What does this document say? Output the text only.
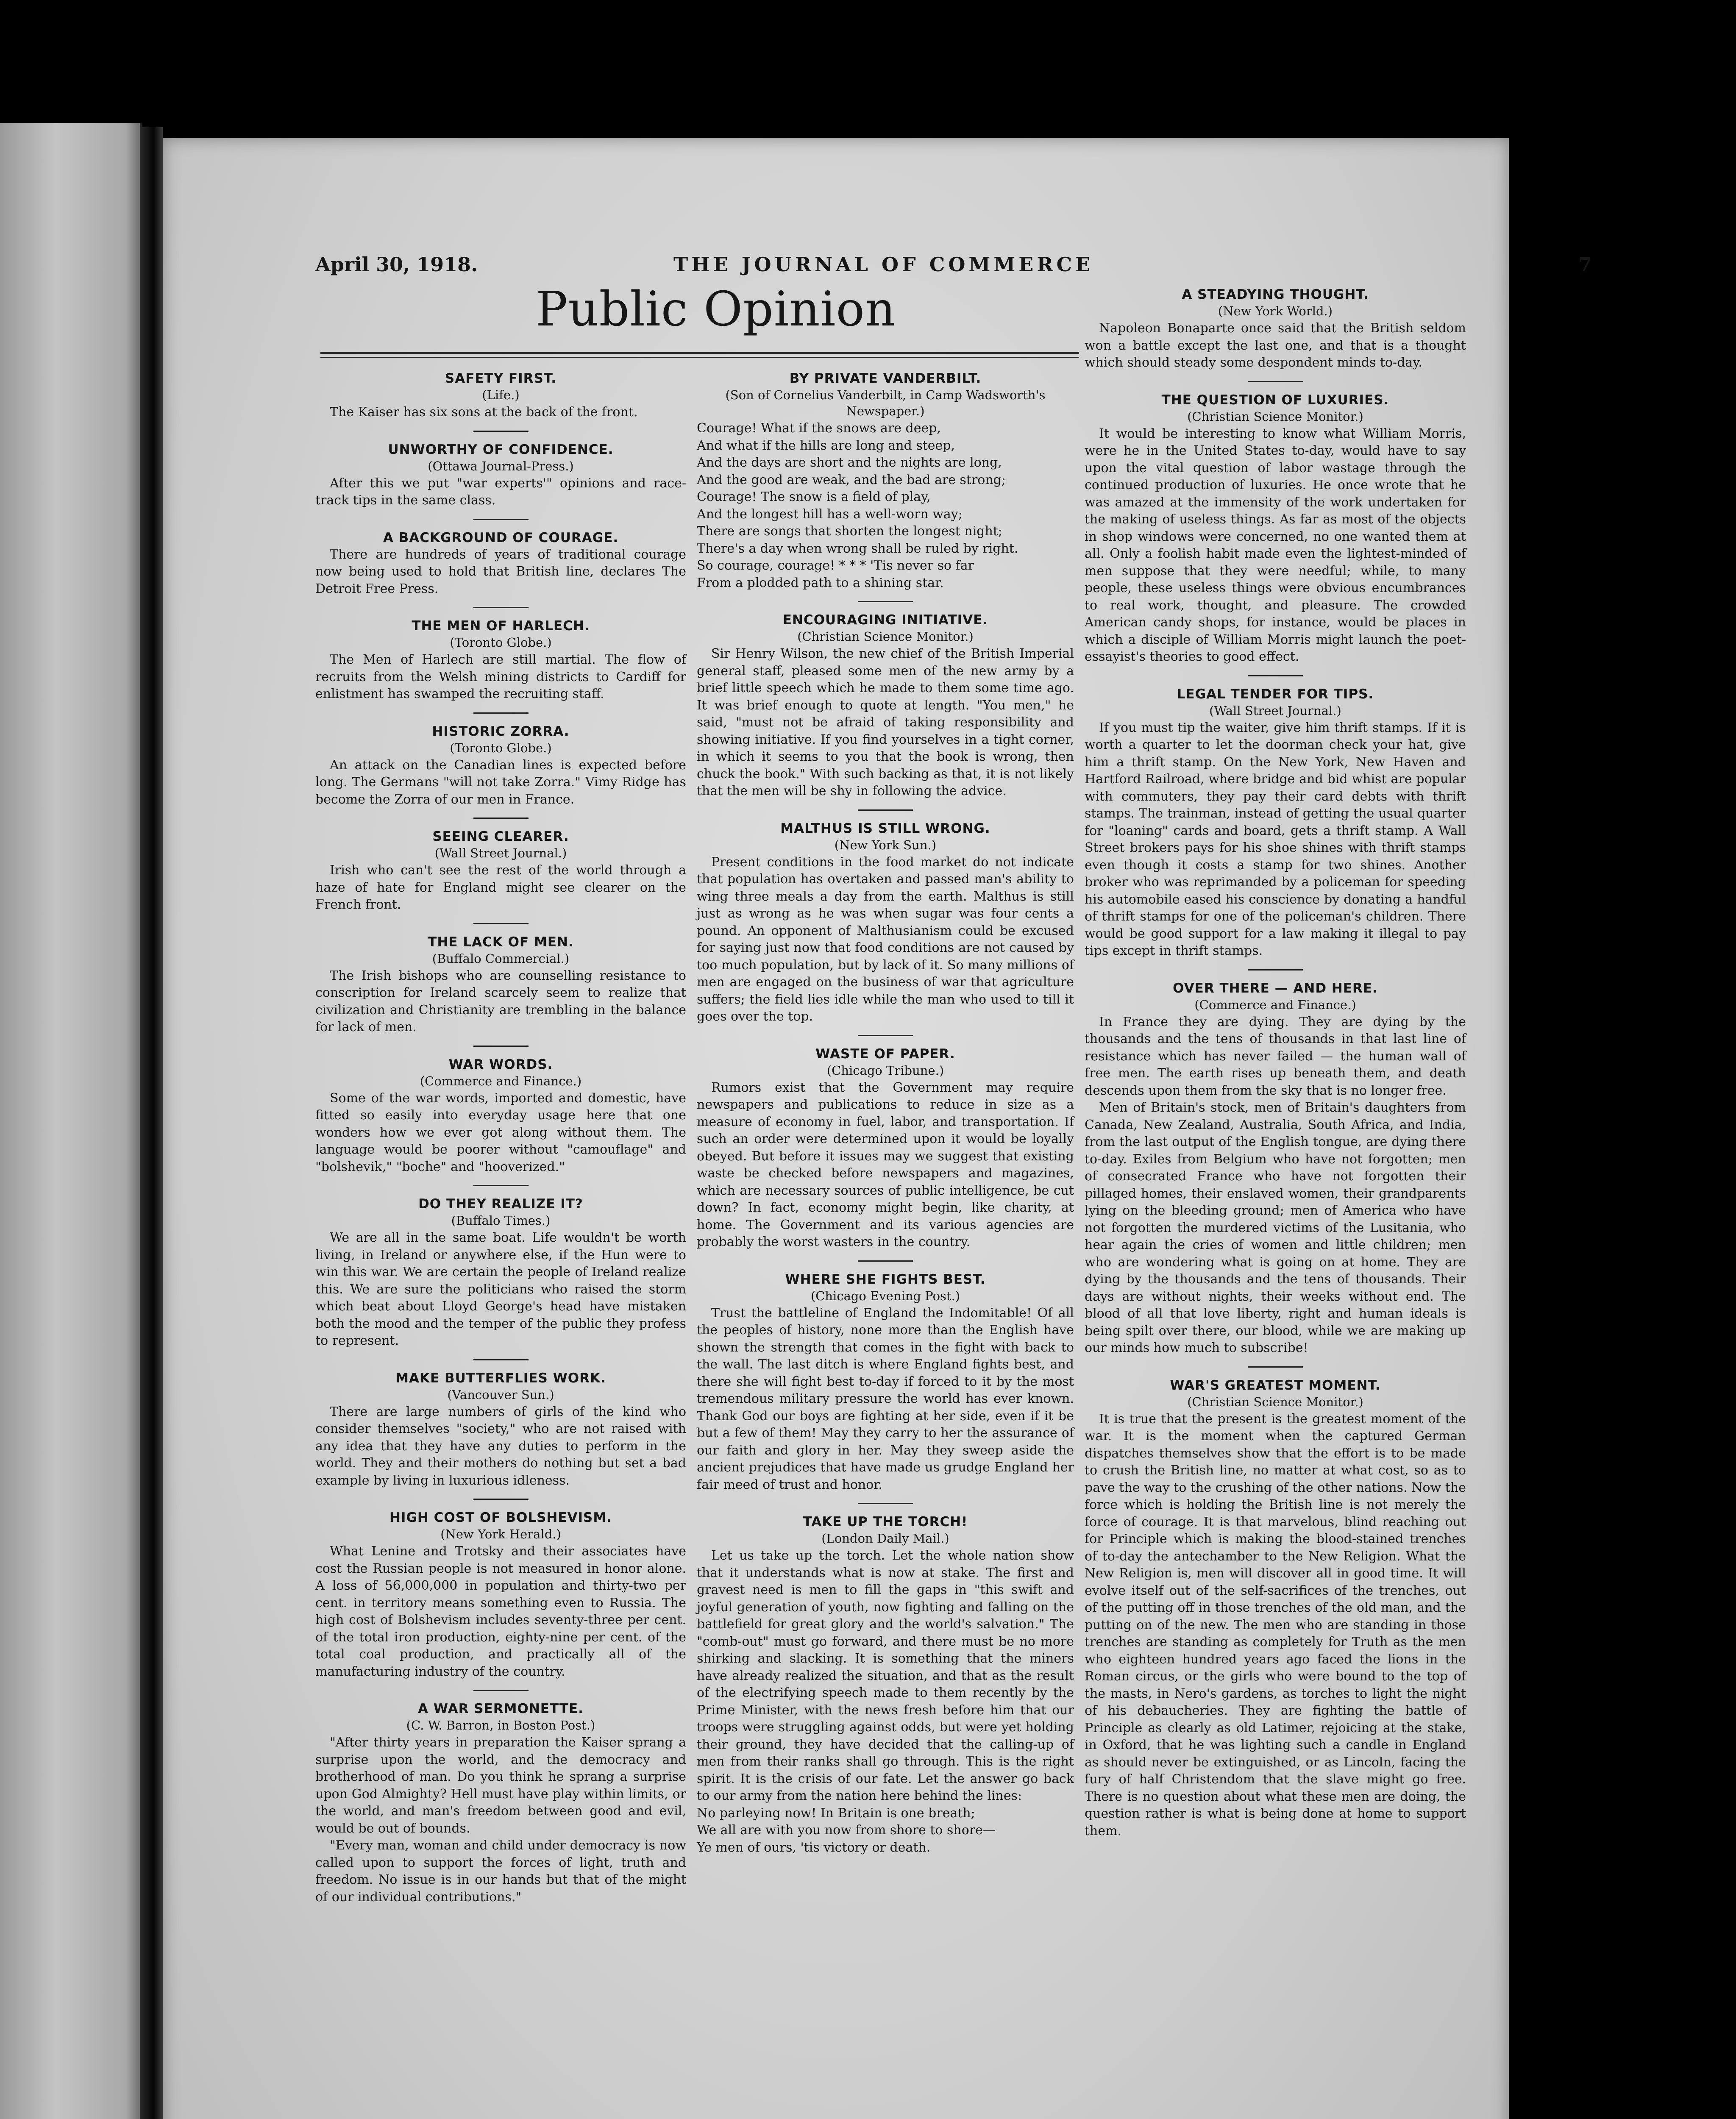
April 30, 1918.	THE JOURNAL OF COMMERCE	7
Public Opinion
SAFETY FIRST.
(Life.)

The Kaiser has six sons at the back of the front.

UNWORTHY OF CONFIDENCE.
(Ottawa Journal-Press.)

After this we put "war experts'" opinions and race-track tips in the same class.

A BACKGROUND OF COURAGE.

There are hundreds of years of traditional courage now being used to hold that British line, declares The Detroit Free Press.

THE MEN OF HARLECH.
(Toronto Globe.)

The Men of Harlech are still martial. The flow of recruits from the Welsh mining districts to Cardiff for enlistment has swamped the recruiting staff.

HISTORIC ZORRA.
(Toronto Globe.)

An attack on the Canadian lines is expected before long. The Germans "will not take Zorra." Vimy Ridge has become the Zorra of our men in France.

SEEING CLEARER.
(Wall Street Journal.)

Irish who can't see the rest of the world through a haze of hate for England might see clearer on the French front.

THE LACK OF MEN.
(Buffalo Commercial.)

The Irish bishops who are counselling resistance to conscription for Ireland scarcely seem to realize that civilization and Christianity are trembling in the balance for lack of men.

WAR WORDS.
(Commerce and Finance.)

Some of the war words, imported and domestic, have fitted so easily into everyday usage here that one wonders how we ever got along without them. The language would be poorer without "camouflage" and "bolshevik," "boche" and "hooverized."

DO THEY REALIZE IT?
(Buffalo Times.)

We are all in the same boat. Life wouldn't be worth living, in Ireland or anywhere else, if the Hun were to win this war. We are certain the people of Ireland realize this. We are sure the politicians who raised the storm which beat about Lloyd George's head have mistaken both the mood and the temper of the public they profess to represent.

MAKE BUTTERFLIES WORK.
(Vancouver Sun.)

There are large numbers of girls of the kind who consider themselves "society," who are not raised with any idea that they have any duties to perform in the world. They and their mothers do nothing but set a bad example by living in luxurious idleness.

HIGH COST OF BOLSHEVISM.
(New York Herald.)

What Lenine and Trotsky and their associates have cost the Russian people is not measured in honor alone. A loss of 56,000,000 in population and thirty-two per cent. in territory means something even to Russia. The high cost of Bolshevism includes seventy-three per cent. of the total iron production, eighty-nine per cent. of the total coal production, and practically all of the manufacturing industry of the country.

A WAR SERMONETTE.
(C. W. Barron, in Boston Post.)

"After thirty years in preparation the Kaiser sprang a surprise upon the world, and the democracy and brotherhood of man. Do you think he sprang a surprise upon God Almighty? Hell must have play within limits, or the world, and man's freedom between good and evil, would be out of bounds.

"Every man, woman and child under democracy is now called upon to support the forces of light, truth and freedom. No issue is in our hands but that of the might of our individual contributions."

BY PRIVATE VANDERBILT.
(Son of Cornelius Vanderbilt, in Camp Wadsworth's Newspaper.)
Courage! What if the snows are deep,
And what if the hills are long and steep,
And the days are short and the nights are long,
And the good are weak, and the bad are strong;
Courage! The snow is a field of play,
And the longest hill has a well-worn way;
There are songs that shorten the longest night;
There's a day when wrong shall be ruled by right.
So courage, courage! * * * 'Tis never so far
From a plodded path to a shining star.
ENCOURAGING INITIATIVE.
(Christian Science Monitor.)

Sir Henry Wilson, the new chief of the British Imperial general staff, pleased some men of the new army by a brief little speech which he made to them some time ago. It was brief enough to quote at length. "You men," he said, "must not be afraid of taking responsibility and showing initiative. If you find yourselves in a tight corner, in which it seems to you that the book is wrong, then chuck the book." With such backing as that, it is not likely that the men will be shy in following the advice.

MALTHUS IS STILL WRONG.
(New York Sun.)

Present conditions in the food market do not indicate that population has overtaken and passed man's ability to wing three meals a day from the earth. Malthus is still just as wrong as he was when sugar was four cents a pound. An opponent of Malthusianism could be excused for saying just now that food conditions are not caused by too much population, but by lack of it. So many millions of men are engaged on the business of war that agriculture suffers; the field lies idle while the man who used to till it goes over the top.

WASTE OF PAPER.
(Chicago Tribune.)

Rumors exist that the Government may require newspapers and publications to reduce in size as a measure of economy in fuel, labor, and transportation. If such an order were determined upon it would be loyally obeyed. But before it issues may we suggest that existing waste be checked before newspapers and magazines, which are necessary sources of public intelligence, be cut down? In fact, economy might begin, like charity, at home. The Government and its various agencies are probably the worst wasters in the country.

WHERE SHE FIGHTS BEST.
(Chicago Evening Post.)

Trust the battleline of England the Indomitable! Of all the peoples of history, none more than the English have shown the strength that comes in the fight with back to the wall. The last ditch is where England fights best, and there she will fight best to-day if forced to it by the most tremendous military pressure the world has ever known. Thank God our boys are fighting at her side, even if it be but a few of them! May they carry to her the assurance of our faith and glory in her. May they sweep aside the ancient prejudices that have made us grudge England her fair meed of trust and honor.

TAKE UP THE TORCH!
(London Daily Mail.)

Let us take up the torch. Let the whole nation show that it understands what is now at stake. The first and gravest need is men to fill the gaps in "this swift and joyful generation of youth, now fighting and falling on the battlefield for great glory and the world's salvation." The "comb-out" must go forward, and there must be no more shirking and slacking. It is something that the miners have already realized the situation, and that as the result of the electrifying speech made to them recently by the Prime Minister, with the news fresh before him that our troops were struggling against odds, but were yet holding their ground, they have decided that the calling-up of men from their ranks shall go through. This is the right spirit. It is the crisis of our fate. Let the answer go back to our army from the nation here behind the lines:

No parleying now! In Britain is one breath;
We all are with you now from shore to shore—
Ye men of ours, 'tis victory or death.
A STEADYING THOUGHT.
(New York World.)

Napoleon Bonaparte once said that the British seldom won a battle except the last one, and that is a thought which should steady some despondent minds to-day.

THE QUESTION OF LUXURIES.
(Christian Science Monitor.)

It would be interesting to know what William Morris, were he in the United States to-day, would have to say upon the vital question of labor wastage through the continued production of luxuries. He once wrote that he was amazed at the immensity of the work undertaken for the making of useless things. As far as most of the objects in shop windows were concerned, no one wanted them at all. Only a foolish habit made even the lightest-minded of men suppose that they were needful; while, to many people, these useless things were obvious encumbrances to real work, thought, and pleasure. The crowded American candy shops, for instance, would be places in which a disciple of William Morris might launch the poet-essayist's theories to good effect.

LEGAL TENDER FOR TIPS.
(Wall Street Journal.)

If you must tip the waiter, give him thrift stamps. If it is worth a quarter to let the doorman check your hat, give him a thrift stamp. On the New York, New Haven and Hartford Railroad, where bridge and bid whist are popular with commuters, they pay their card debts with thrift stamps. The trainman, instead of getting the usual quarter for "loaning" cards and board, gets a thrift stamp. A Wall Street brokers pays for his shoe shines with thrift stamps even though it costs a stamp for two shines. Another broker who was reprimanded by a policeman for speeding his automobile eased his conscience by donating a handful of thrift stamps for one of the policeman's children. There would be good support for a law making it illegal to pay tips except in thrift stamps.

OVER THERE — AND HERE.
(Commerce and Finance.)

In France they are dying. They are dying by the thousands and the tens of thousands in that last line of resistance which has never failed — the human wall of free men. The earth rises up beneath them, and death descends upon them from the sky that is no longer free.

Men of Britain's stock, men of Britain's daughters from Canada, New Zealand, Australia, South Africa, and India, from the last output of the English tongue, are dying there to-day. Exiles from Belgium who have not forgotten; men of consecrated France who have not forgotten their pillaged homes, their enslaved women, their grandparents lying on the bleeding ground; men of America who have not forgotten the murdered victims of the Lusitania, who hear again the cries of women and little children; men who are wondering what is going on at home. They are dying by the thousands and the tens of thousands. Their days are without nights, their weeks without end. The blood of all that love liberty, right and human ideals is being spilt over there, our blood, while we are making up our minds how much to subscribe!

WAR'S GREATEST MOMENT.
(Christian Science Monitor.)

It is true that the present is the greatest moment of the war. It is the moment when the captured German dispatches themselves show that the effort is to be made to crush the British line, no matter at what cost, so as to pave the way to the crushing of the other nations. Now the force which is holding the British line is not merely the force of courage. It is that marvelous, blind reaching out for Principle which is making the blood-stained trenches of to-day the antechamber to the New Religion. What the New Religion is, men will discover all in good time. It will evolve itself out of the self-sacrifices of the trenches, out of the putting off in those trenches of the old man, and the putting on of the new. The men who are standing in those trenches are standing as completely for Truth as the men who eighteen hundred years ago faced the lions in the Roman circus, or the girls who were bound to the top of the masts, in Nero's gardens, as torches to light the night of his debaucheries. They are fighting the battle of Principle as clearly as old Latimer, rejoicing at the stake, in Oxford, that he was lighting such a candle in England as should never be extinguished, or as Lincoln, facing the fury of half Christendom that the slave might go free. There is no question about what these men are doing, the question rather is what is being done at home to support them.
